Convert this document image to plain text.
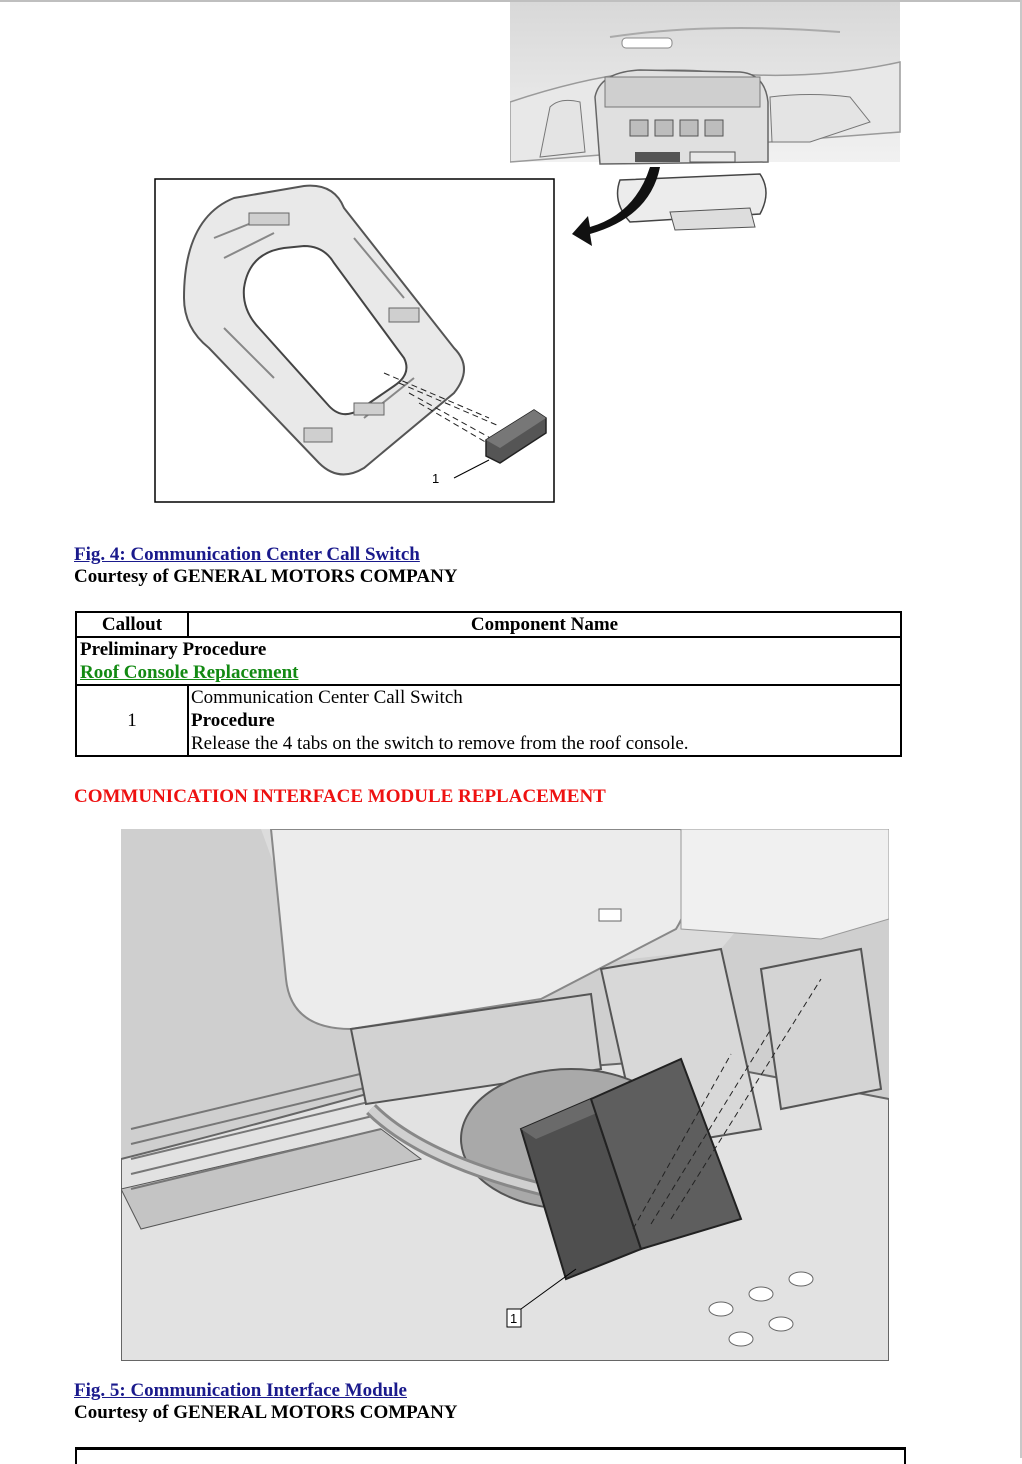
1
Fig. 4: Communication Center Call Switch
Courtesy of GENERAL MOTORS COMPANY
Callout	Component Name

Preliminary Procedure
Roof Console Replacement	
1	Communication Center Call Switch
Procedure
Release the 4 tabs on the switch to remove from the roof console.
COMMUNICATION INTERFACE MODULE REPLACEMENT
1
Fig. 5: Communication Interface Module
Courtesy of GENERAL MOTORS COMPANY
